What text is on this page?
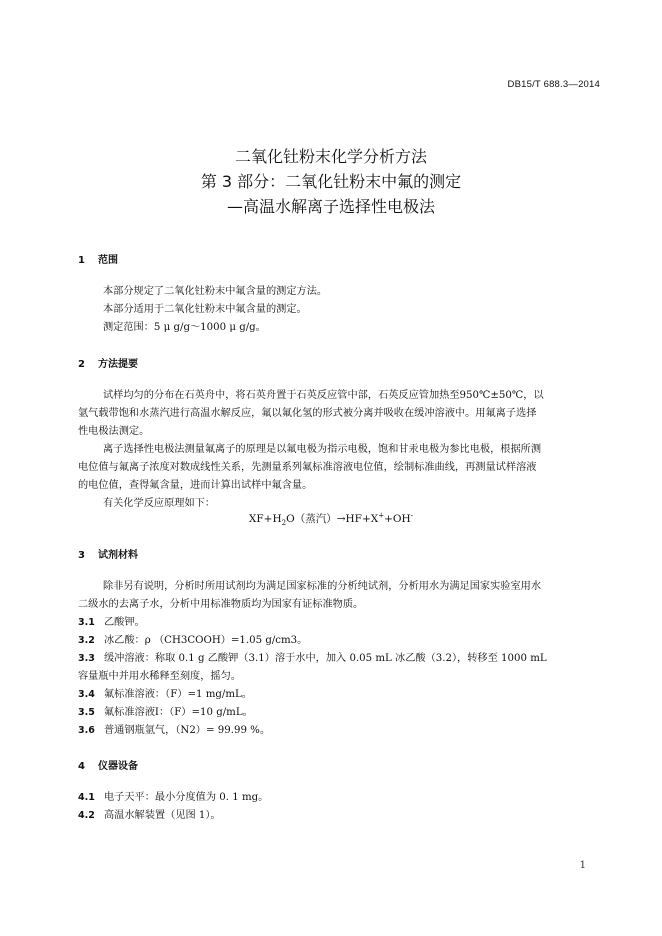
DB15/T 688.3—2014
二氧化钍粉末化学分析方法
第 3 部分：二氧化钍粉末中氟的测定
—高温水解离子选择性电极法
1 范围
本部分规定了二氧化钍粉末中氟含量的测定方法。
本部分适用于二氧化钍粉末中氟含量的测定。
测定范围：5 μ g/g～1000 μ g/g。
2 方法提要
试样均匀的分布在石英舟中，将石英舟置于石英反应管中部，石英反应管加热至950℃±50℃，以
氩气载带饱和水蒸汽进行高温水解反应，氟以氟化氢的形式被分离并吸收在缓冲溶液中。用氟离子选择
性电极法测定。
离子选择性电极法测量氟离子的原理是以氟电极为指示电极，饱和甘汞电极为参比电极，根据所测
电位值与氟离子浓度对数成线性关系，先测量系列氟标准溶液电位值，绘制标准曲线，再测量试样溶液
的电位值，查得氟含量，进而计算出试样中氟含量。
有关化学反应原理如下：
$XF+H_2O$（蒸汽）→HF+X++OH-
3 试剂材料
除非另有说明，分析时所用试剂均为满足国家标准的分析纯试剂，分析用水为满足国家实验室用水
二级水的去离子水，分析中用标准物质均为国家有证标准物质。
3.1 乙酸钾。
3.2 冰乙酸：ρ （CH3COOH）=1.05 g/cm3。
3.3 缓冲溶液：称取 0.1 g 乙酸钾（3.1）溶于水中，加入 0.05 mL 冰乙酸（3.2），转移至 1000 mL
容量瓶中并用水稀释至刻度，摇匀。
3.4 氟标准溶液：（F）=1 mg/mL。
3.5 氟标准溶液Ⅰ：（F）=10 g/mL。
3.6 普通钢瓶氩气，（N2）= 99.99 %。
4 仪器设备
4.1 电子天平：最小分度值为 0. 1 mg。
4.2 高温水解装置（见图 1）。
1
